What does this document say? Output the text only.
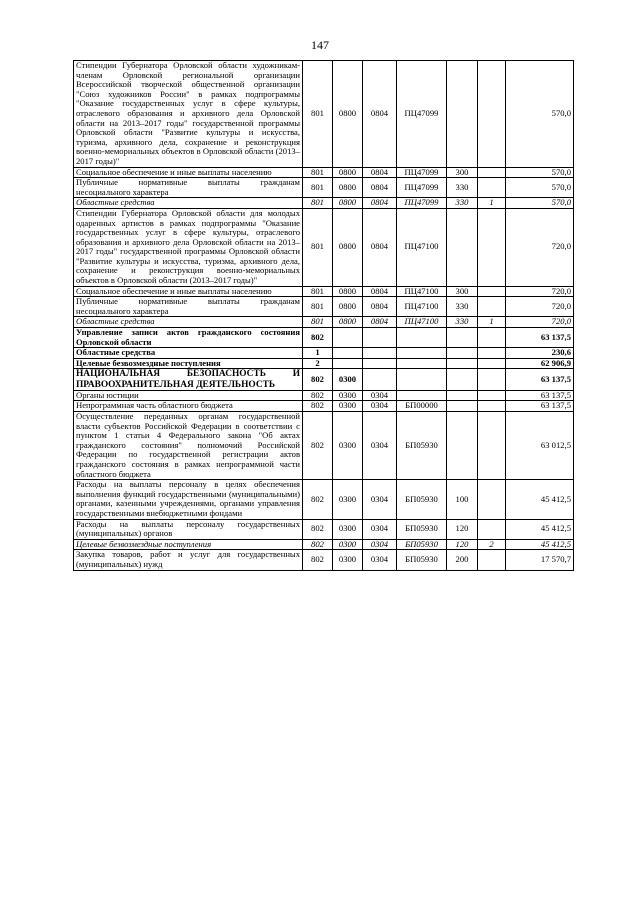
147
Стипендии Губернатора Орловской области художникам-членам Орловской региональной организации Всероссийской творческой общественной организации "Союз художников России" в рамках подпрограммы "Оказание государственных услуг в сфере культуры, отраслевого образования и архивного дела Орловской области на 2013–2017 годы" государственной программы Орловской области "Развитие культуры и искусства, туризма, архивного дела, сохранение и реконструкция военно-мемориальных объектов в Орловской области (2013–2017 годы)"	801	0800	0804	ПЦ47099			570,0
Социальное обеспечение и иные выплаты населению	801	0800	0804	ПЦ47099	300		570,0
Публичные нормативные выплаты гражданам несоциального характера	801	0800	0804	ПЦ47099	330		570,0
Областные средства	801	0800	0804	ПЦ47099	330	1	570,0
Стипендии Губернатора Орловской области для молодых одаренных артистов в рамках подпрограммы "Оказание государственных услуг в сфере культуры, отраслевого образования и архивного дела Орловской области на 2013–2017 годы" государственной программы Орловской области "Развитие культуры и искусства, туризма, архивного дела, сохранение и реконструкция военно-мемориальных объектов в Орловской области (2013–2017 годы)"	801	0800	0804	ПЦ47100			720,0
Социальное обеспечение и иные выплаты населению	801	0800	0804	ПЦ47100	300		720,0
Публичные нормативные выплаты гражданам несоциального характера	801	0800	0804	ПЦ47100	330		720,0
Областные средства	801	0800	0804	ПЦ47100	330	1	720,0
Управление записи актов гражданского состояния Орловской области	802						63 137,5
Областные средства	1						230,6
Целевые безвозмездные поступления	2						62 906,9
НАЦИОНАЛЬНАЯ БЕЗОПАСНОСТЬ И ПРАВООХРАНИТЕЛЬНАЯ ДЕЯТЕЛЬНОСТЬ	802	0300					63 137,5
Органы юстиции	802	0300	0304				63 137,5
Непрограммная часть областного бюджета	802	0300	0304	БП00000			63 137,5
Осуществление переданных органам государственной власти субъектов Российской Федерации в соответствии с пунктом 1 статьи 4 Федерального закона "Об актах гражданского состояния" полномочий Российской Федерации по государственной регистрации актов гражданского состояния в рамках непрограммной части областного бюджета	802	0300	0304	БП05930			63 012,5
Расходы на выплаты персоналу в целях обеспечения выполнения функций государственными (муниципальными) органами, казенными учреждениями, органами управления государственными внебюджетными фондами	802	0300	0304	БП05930	100		45 412,5
Расходы на выплаты персоналу государственных (муниципальных) органов	802	0300	0304	БП05930	120		45 412,5
Целевые безвозмездные поступления	802	0300	0304	БП05930	120	2	45 412,5
Закупка товаров, работ и услуг для государственных (муниципальных) нужд	802	0300	0304	БП05930	200		17 570,7
